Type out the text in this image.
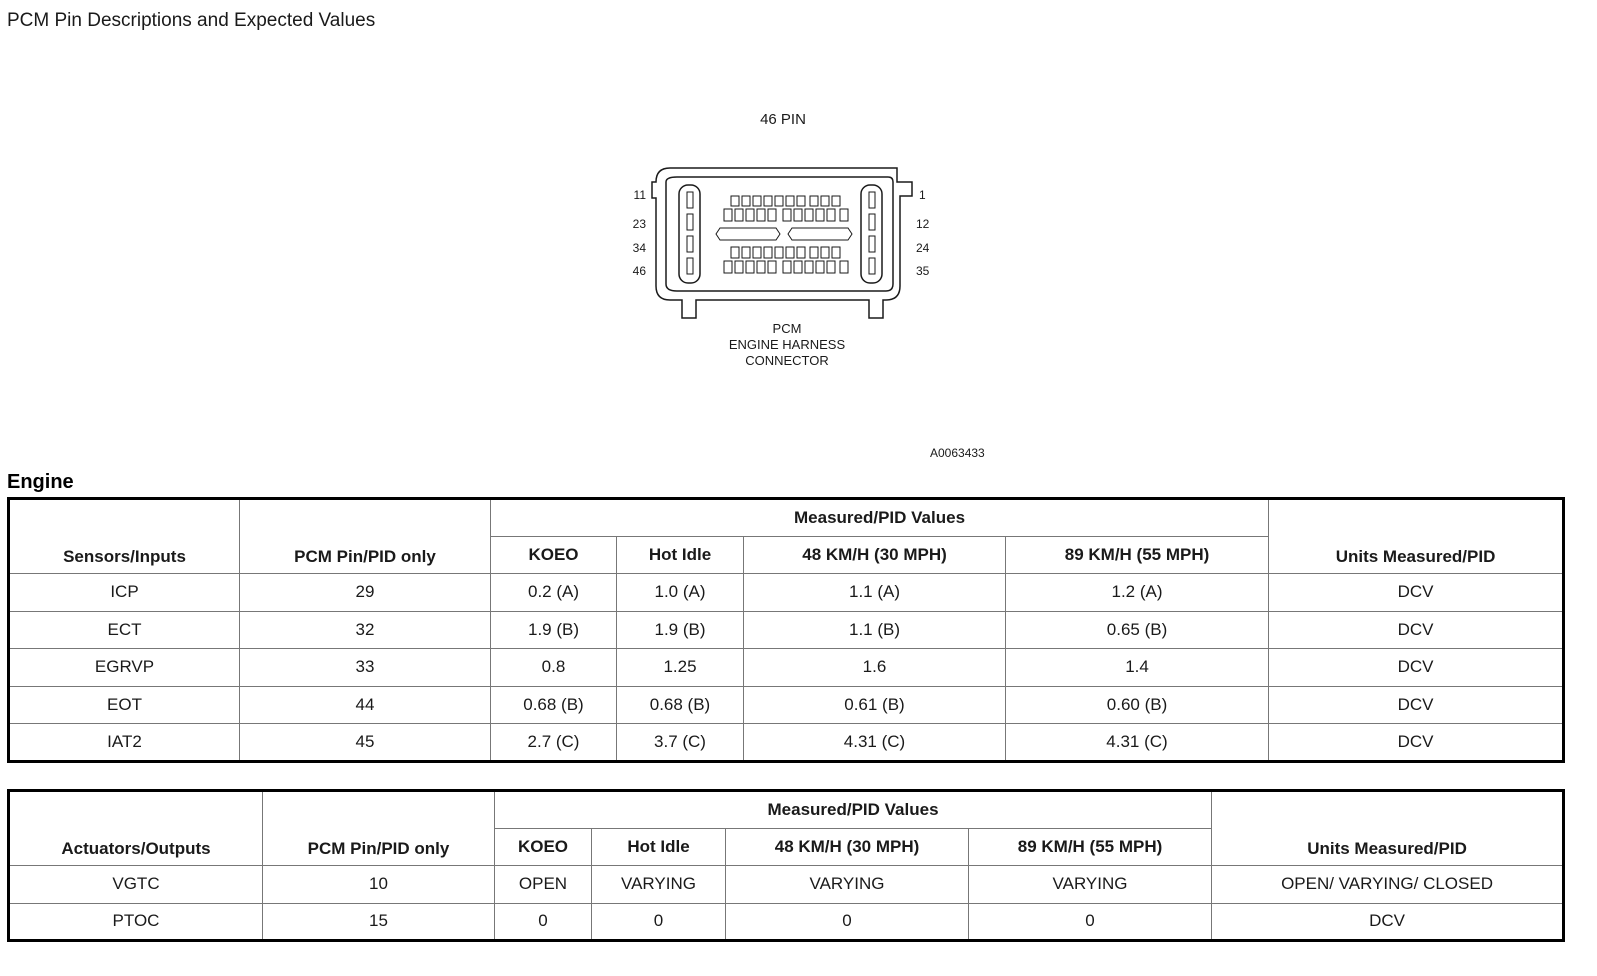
PCM Pin Descriptions and Expected Values
46 PIN
11
23
34
46
1
12
24
35
PCM
ENGINE HARNESS
CONNECTOR
A0063433
Engine
Sensors/Inputs	PCM Pin/PID only	Measured/PID Values				Units Measured/PID
		KOEO	Hot Idle	48 KM/H (30 MPH)	89 KM/H (55 MPH)	
ICP	29	0.2 (A)	1.0 (A)	1.1 (A)	1.2 (A)	DCV
ECT	32	1.9 (B)	1.9 (B)	1.1 (B)	0.65 (B)	DCV
EGRVP	33	0.8	1.25	1.6	1.4	DCV
EOT	44	0.68 (B)	0.68 (B)	0.61 (B)	0.60 (B)	DCV
IAT2	45	2.7 (C)	3.7 (C)	4.31 (C)	4.31 (C)	DCV
Actuators/Outputs	PCM Pin/PID only	Measured/PID Values				Units Measured/PID
		KOEO	Hot Idle	48 KM/H (30 MPH)	89 KM/H (55 MPH)	
VGTC	10	OPEN	VARYING	VARYING	VARYING	OPEN/ VARYING/ CLOSED
PTOC	15	0	0	0	0	DCV
